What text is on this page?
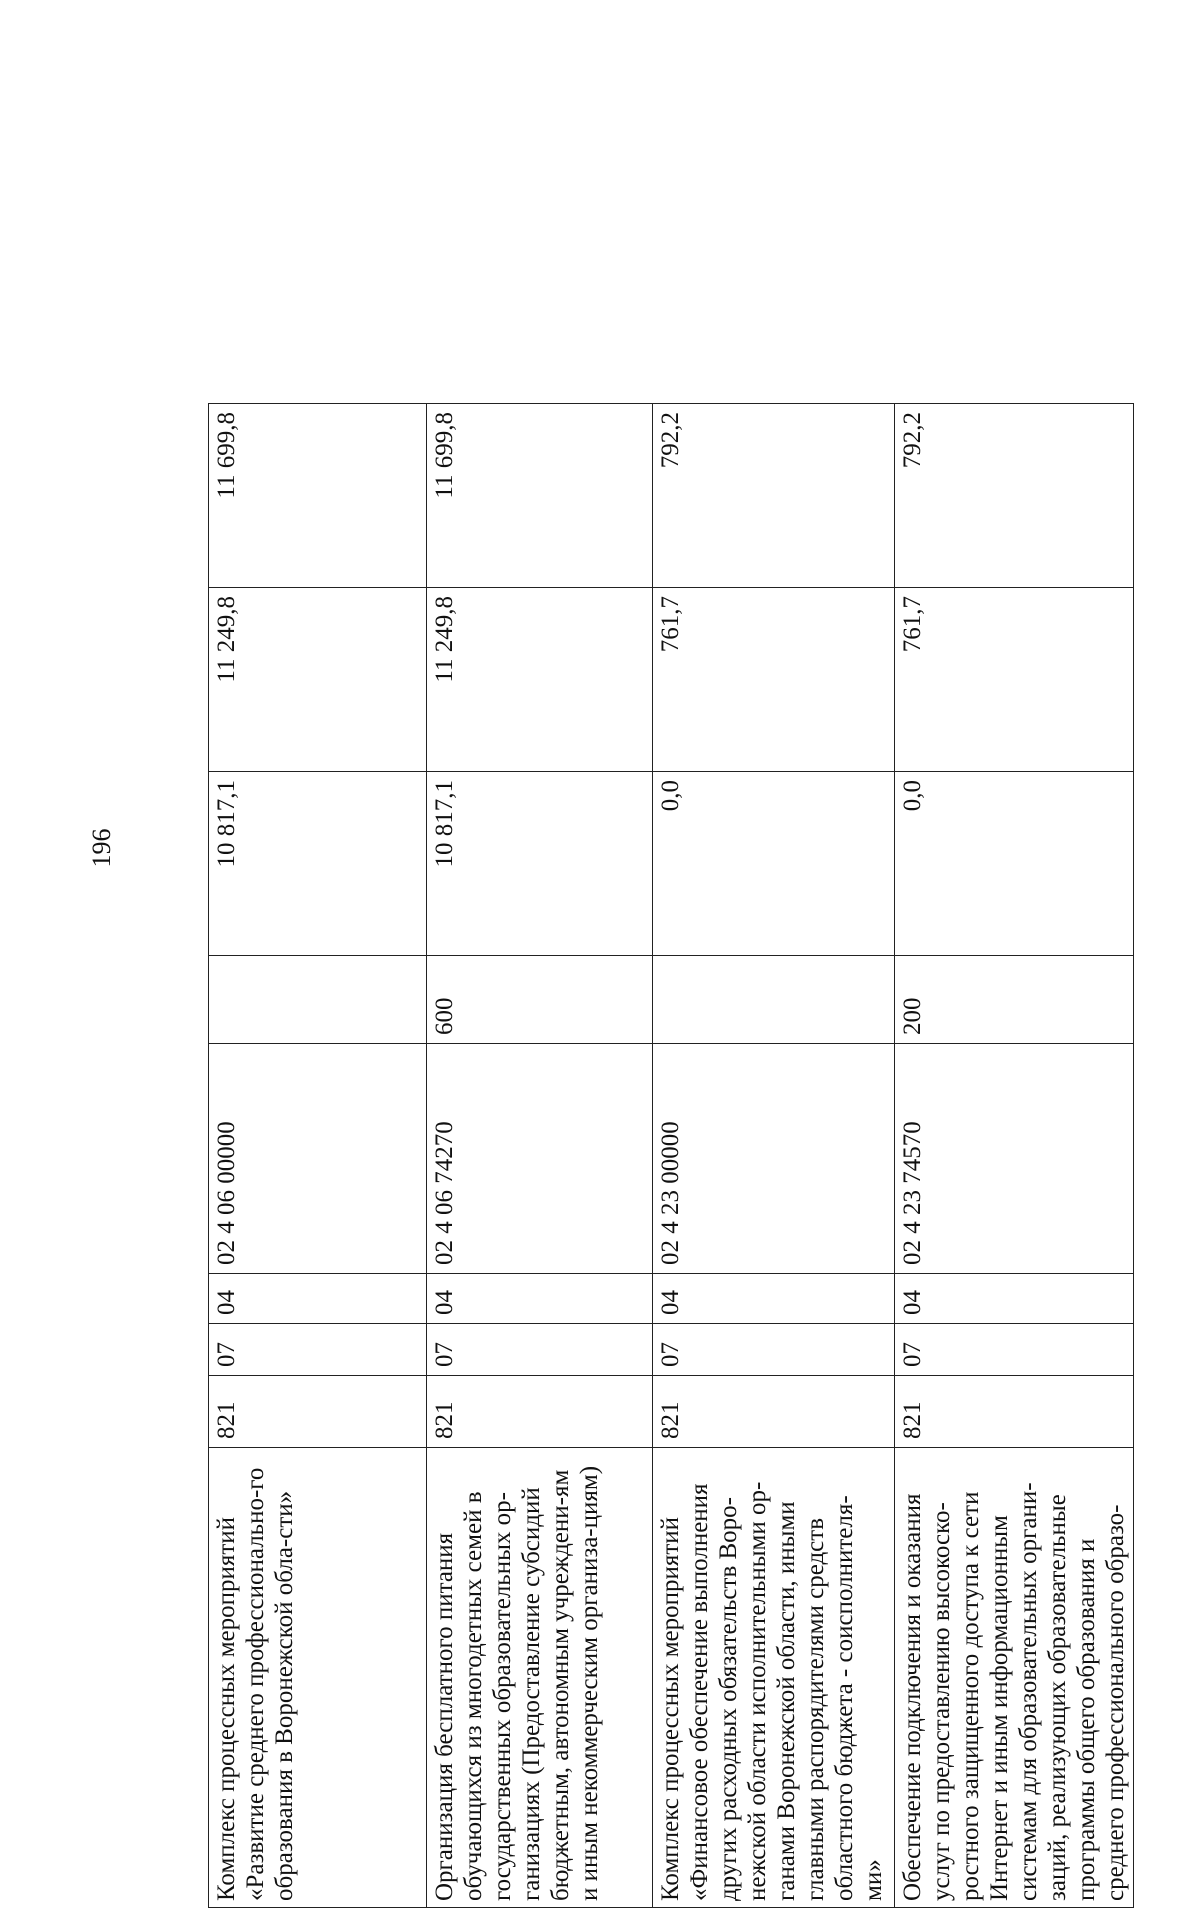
196
Комплекс процессных мероприятий «Развитие среднего профессионально-го образования в Воронежской обла-сти»	821	07	04	02 4 06 00000		10 817,1	11 249,8	11 699,8
Организация бесплатного питания обучающихся из многодетных семей в государственных образовательных ор-ганизациях (Предоставление субсидий бюджетным, автономным учреждени-ям и иным некоммерческим организа-циям)	821	07	04	02 4 06 74270	600	10 817,1	11 249,8	11 699,8
Комплекс процессных мероприятий «Финансовое обеспечение выполнения других расходных обязательств Воро-нежской области исполнительными ор-ганами Воронежской области, иными главными распорядителями средств областного бюджета - соисполнителя-ми»	821	07	04	02 4 23 00000		0,0	761,7	792,2
Обеспечение подключения и оказания услуг по предоставлению высокоско-ростного защищенного доступа к сети Интернет и иным информационным системам для образовательных органи-заций, реализующих образовательные программы общего образования и среднего профессионального образо-	821	07	04	02 4 23 74570	200	0,0	761,7	792,2
